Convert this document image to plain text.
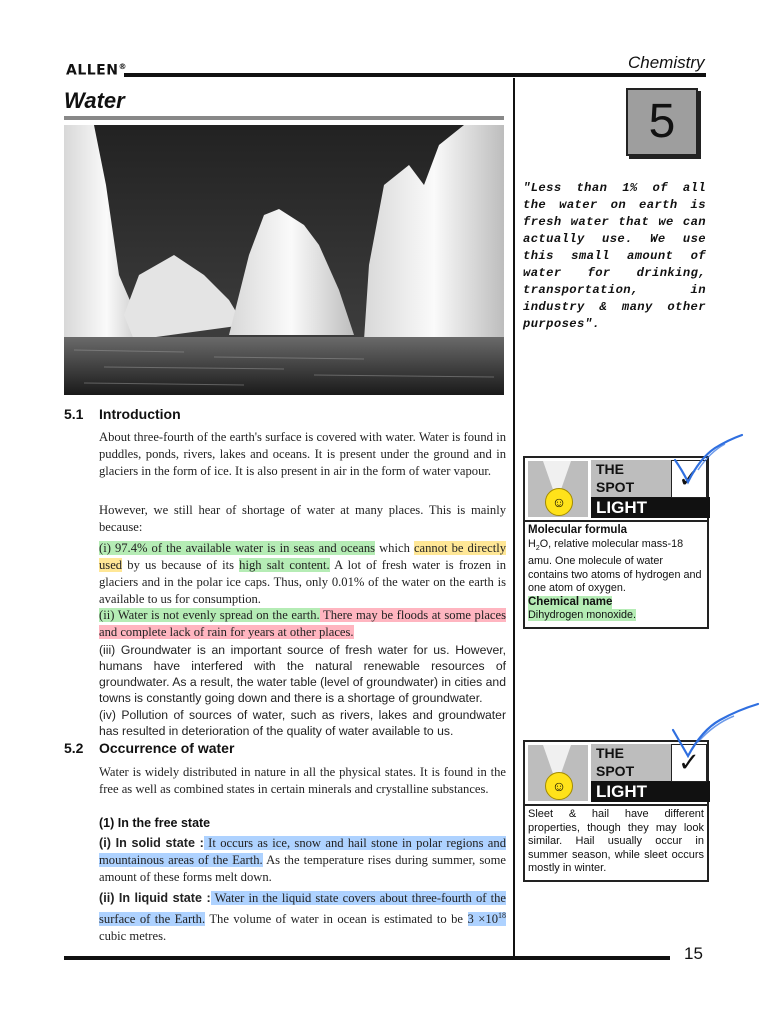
ALLEN®	Chemistry
Water	5
"Less than 1% of all the water on earth is fresh water that we can actually use. We use this small amount of water for drinking, transportation, in industry & many other purposes".
5.1 Introduction

About three-fourth of the earth's surface is covered with water. Water is found in puddles, ponds, rivers, lakes and oceans. It is present under the ground and in glaciers in the form of ice. It is also present in air in the form of water vapour.

However, we still hear of shortage of water at many places. This is mainly because:

(i) 97.4% of the available water is in seas and oceans which cannot be directly used by us because of its high salt content. A lot of fresh water is frozen in glaciers and in the polar ice caps. Thus, only 0.01% of the water on the earth is available to us for consumption.

(ii) Water is not evenly spread on the earth. There may be floods at some places and complete lack of rain for years at other places.

(iii) Groundwater is an important source of fresh water for us. However, humans have interfered with the natural renewable resources of groundwater. As a result, the water table (level of groundwater) in cities and towns is constantly going down and there is a shortage of groundwater.

(iv) Pollution of sources of water, such as rivers, lakes and groundwater has resulted in deterioration of the quality of water available to us.

5.2 Occurrence of water

Water is widely distributed in nature in all the physical states. It is found in the free as well as combined states in certain minerals and crystalline substances.

(1) In the free state

(i) In solid state : It occurs as ice, snow and hail stone in polar regions and mountainous areas of the Earth. As the temperature rises during summer, some amount of these forms melt down.

(ii) In liquid state : Water in the liquid state covers about three-fourth of the surface of the Earth. The volume of water in ocean is estimated to be $3 \times 10^{18}$ cubic metres.

☺
THE
SPOT
LIGHT
✓
Molecular formula
$H_2O$, relative molecular mass-18 amu. One molecule of water contains two atoms of hydrogen and one atom of oxygen.
Chemical name
Dihydrogen monoxide.
☺
THE
SPOT
LIGHT
✓
Sleet & hail have different properties, though they may look similar. Hail usually occur in summer season, while sleet occurs mostly in winter.
15
